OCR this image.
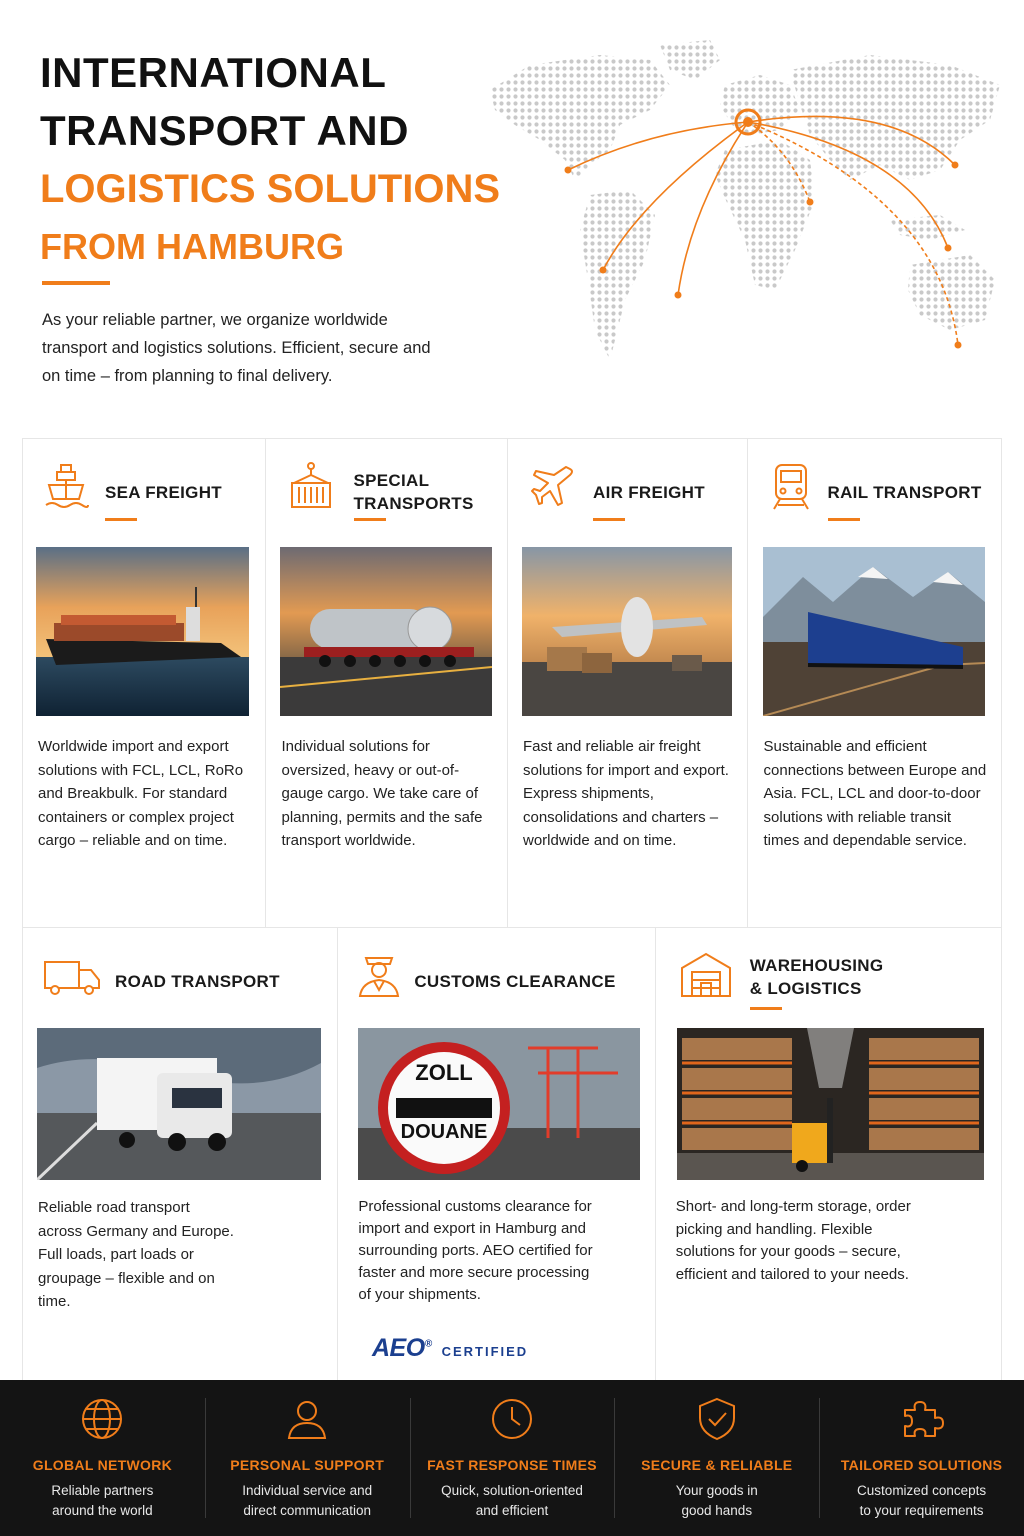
INTERNATIONAL
TRANSPORT AND
LOGISTICS SOLUTIONS
FROM HAMBURG

As your reliable partner, we organize worldwide transport and logistics solutions. Efficient, secure and on time – from planning to final delivery.

SEA FREIGHT

Worldwide import and export solutions with FCL, LCL, RoRo and Breakbulk. For standard containers or complex project cargo – reliable and on time.

SPECIAL
TRANSPORTS

Individual solutions for oversized, heavy or out-of-gauge cargo. We take care of planning, permits and the safe transport worldwide.

AIR FREIGHT

Fast and reliable air freight solutions for import and export. Express shipments, consolidations and charters – worldwide and on time.

RAIL TRANSPORT

Sustainable and efficient connections between Europe and Asia. FCL, LCL and door-to-door solutions with reliable transit times and dependable service.

ROAD TRANSPORT

Reliable road transport across Germany and Europe. Full loads, part loads or groupage – flexible and on time.

CUSTOMS CLEARANCE
ZOLL
DOUANE

Professional customs clearance for import and export in Hamburg and surrounding ports. AEO certified for faster and more secure processing of your shipments.

WAREHOUSING
& LOGISTICS

Short- and long-term storage, order picking and handling. Flexible solutions for your goods – secure, efficient and tailored to your needs.

AEO® CERTIFIED
GLOBAL NETWORK
Reliable partners
around the world
PERSONAL SUPPORT
Individual service and
direct communication
FAST RESPONSE TIMES
Quick, solution-oriented
and efficient
SECURE & RELIABLE
Your goods in
good hands
TAILORED SOLUTIONS
Customized concepts
to your requirements
